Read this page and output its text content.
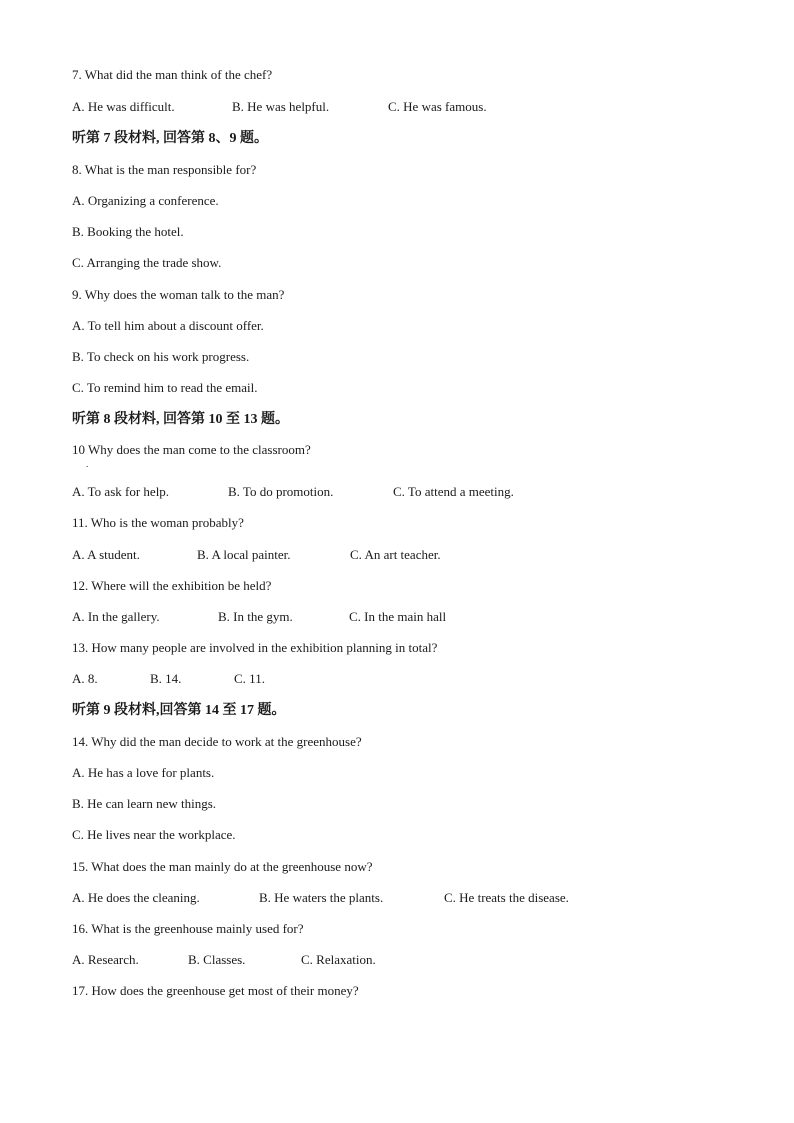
7. What did the man think of the chef?
A. He was difficult.	B. He was helpful.	C. He was famous.
听第 7 段材料, 回答第 8、9 题。
8. What is the man responsible for?
A. Organizing a conference.
B. Booking the hotel.
C. Arranging the trade show.
9. Why does the woman talk to the man?
A. To tell him about a discount offer.
B. To check on his work progress.
C. To remind him to read the email.
听第 8 段材料, 回答第 10 至 13 题。
10 Why does the man come to the classroom?
.
A. To ask for help.	B. To do promotion.	C. To attend a meeting.
11. Who is the woman probably?
A. A student.	B. A local painter.	C. An art teacher.
12. Where will the exhibition be held?
A. In the gallery.	B. In the gym.	C. In the main hall
13. How many people are involved in the exhibition planning in total?
A. 8.	B. 14.	C. 11.
听第 9 段材料,回答第 14 至 17 题。
14. Why did the man decide to work at the greenhouse?
A. He has a love for plants.
B. He can learn new things.
C. He lives near the workplace.
15. What does the man mainly do at the greenhouse now?
A. He does the cleaning.	B. He waters the plants.	C. He treats the disease.
16. What is the greenhouse mainly used for?
A. Research.	B. Classes.	C. Relaxation.
17. How does the greenhouse get most of their money?
